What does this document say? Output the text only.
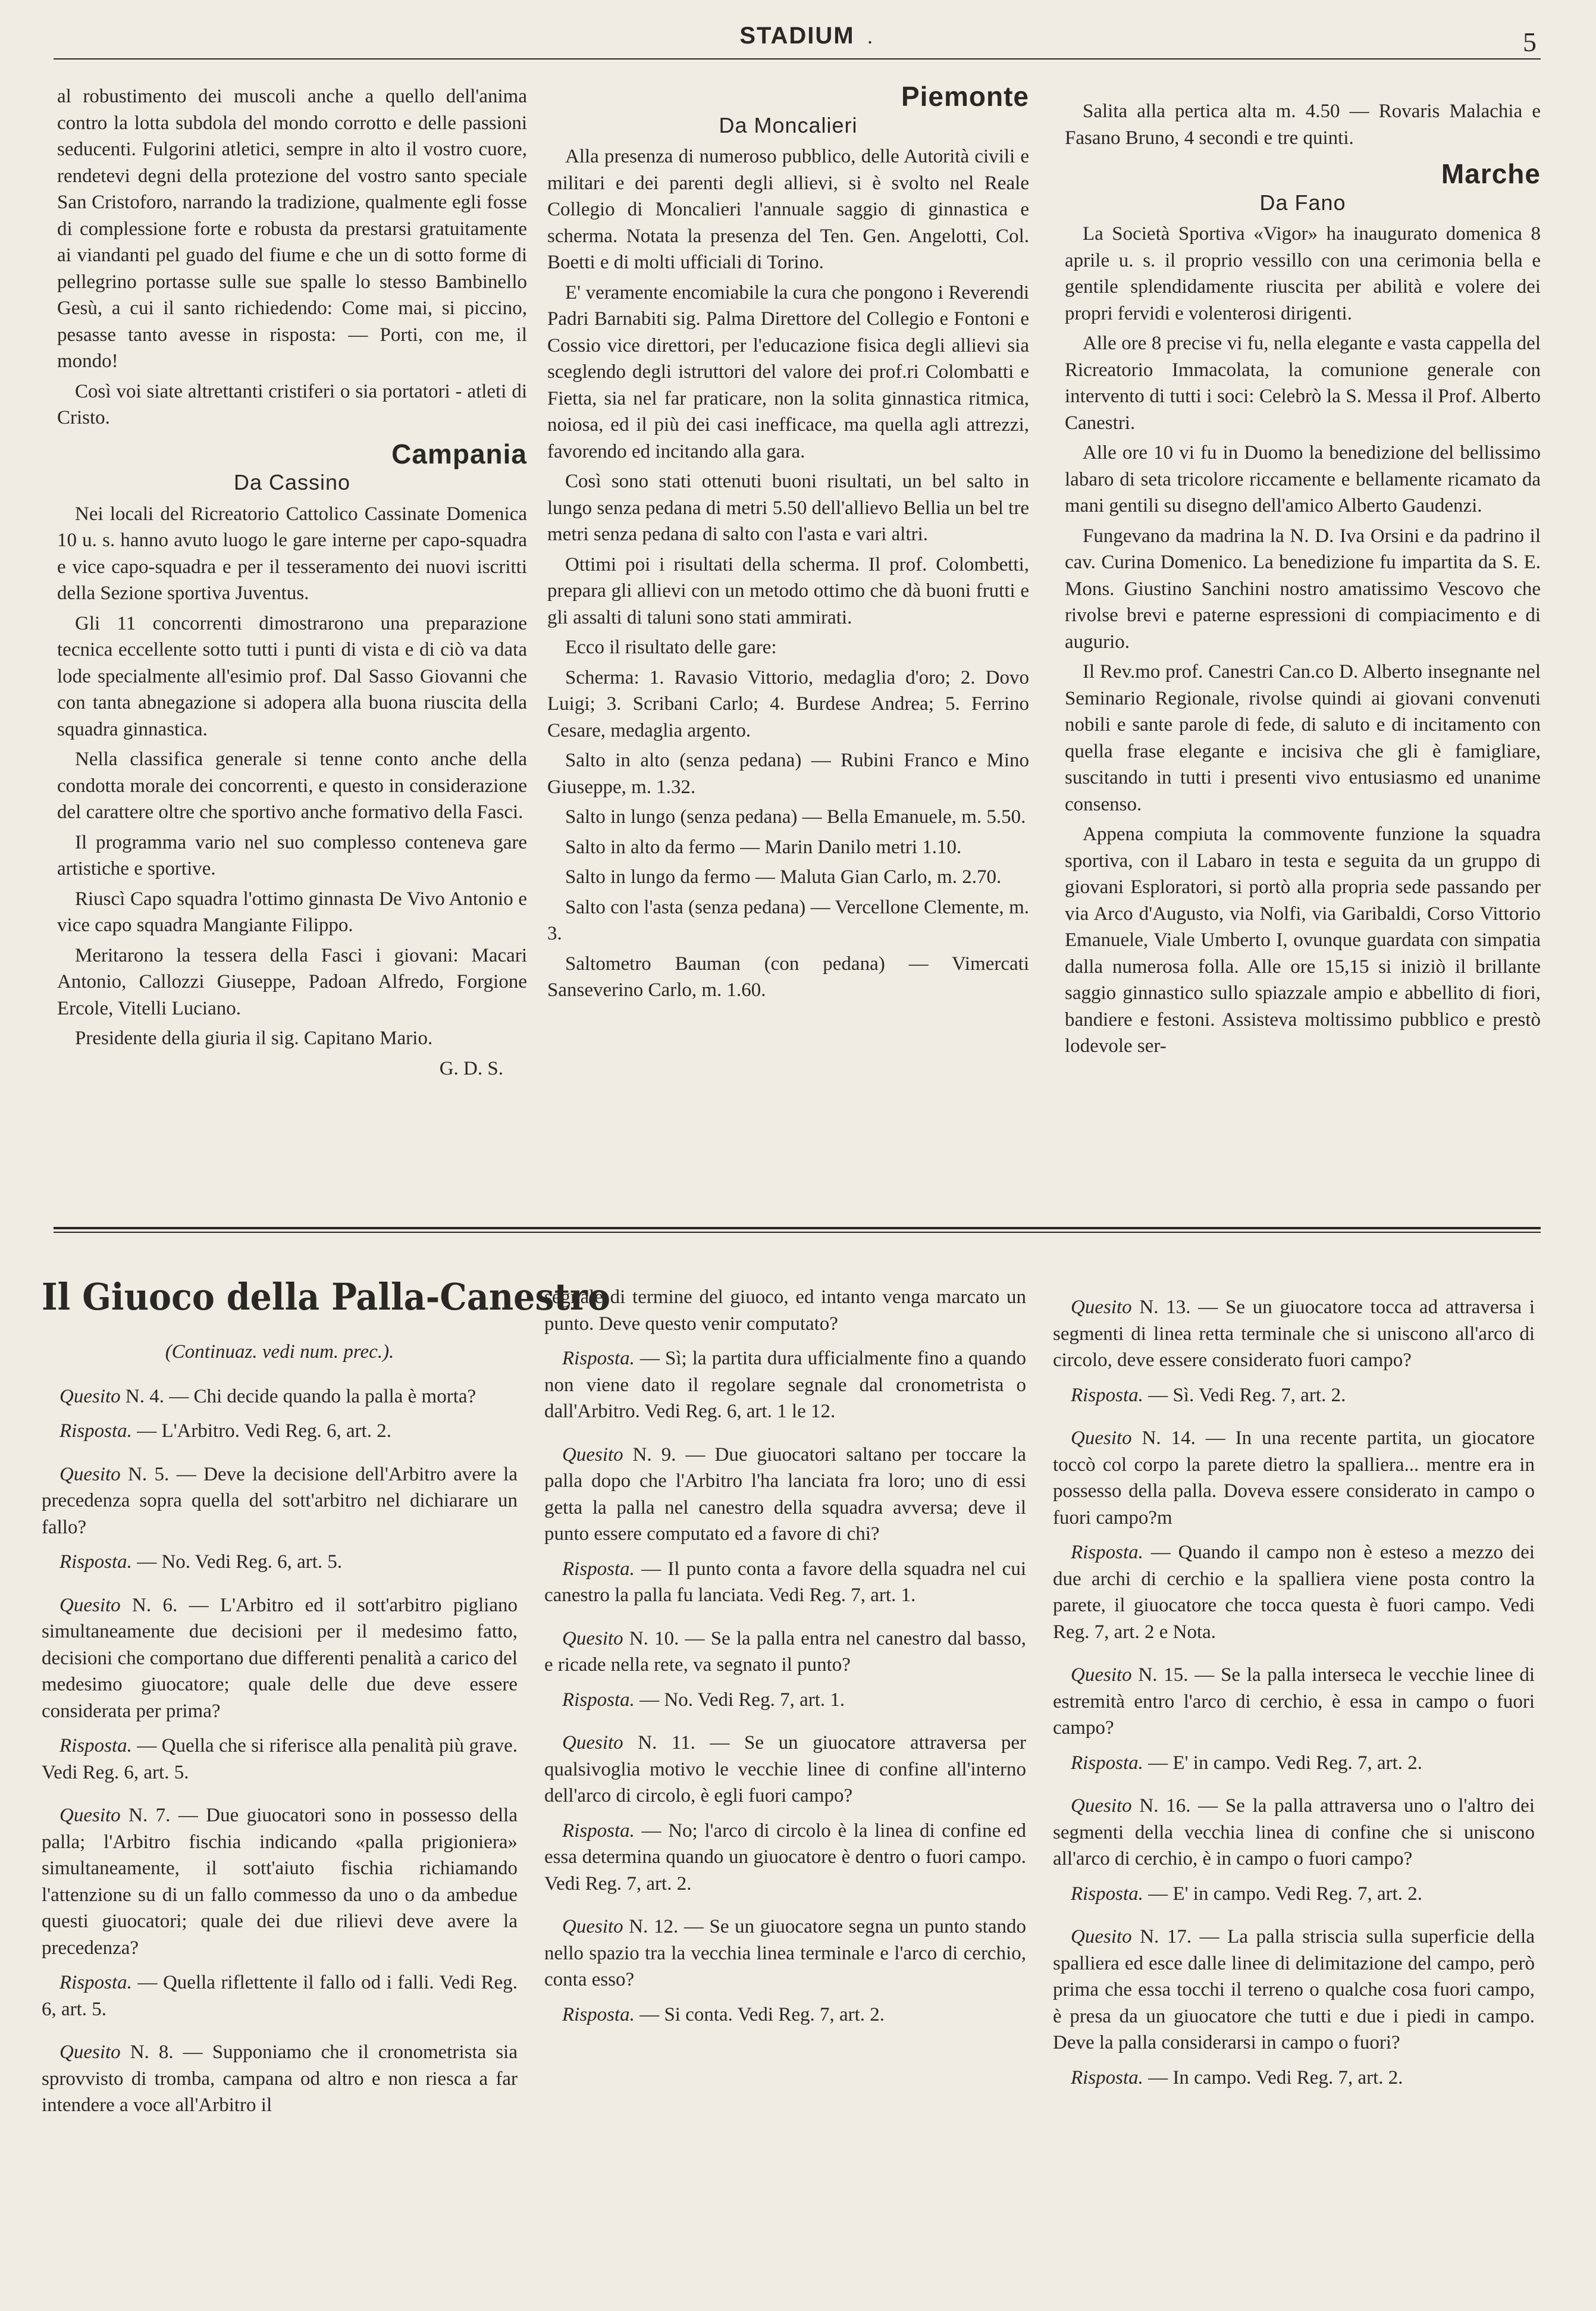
STADIUM .	5

al robustimento dei muscoli anche a quello dell'anima contro la lotta subdola del mondo corrotto e delle passioni seducenti. Fulgorini atletici, sempre in alto il vostro cuore, rendetevi degni della protezione del vostro santo speciale San Cristoforo, narrando la tradizione, qualmente egli fosse di complessione forte e robusta da prestarsi gratuitamente ai viandanti pel guado del fiume e che un di sotto forme di pellegrino portasse sulle sue spalle lo stesso Bambinello Gesù, a cui il santo richiedendo: Come mai, si piccino, pesasse tanto avesse in risposta: — Porti, con me, il mondo!

Così voi siate altrettanti cristiferi o sia portatori - atleti di Cristo.

Campania
Da Cassino

Nei locali del Ricreatorio Cattolico Cassinate Domenica 10 u. s. hanno avuto luogo le gare interne per capo-squadra e vice capo-squadra e per il tesseramento dei nuovi iscritti della Sezione sportiva Juventus.

Gli 11 concorrenti dimostrarono una preparazione tecnica eccellente sotto tutti i punti di vista e di ciò va data lode specialmente all'esimio prof. Dal Sasso Giovanni che con tanta abnegazione si adopera alla buona riuscita della squadra ginnastica.

Nella classifica generale si tenne conto anche della condotta morale dei concorrenti, e questo in considerazione del carattere oltre che sportivo anche formativo della Fasci.

Il programma vario nel suo complesso conteneva gare artistiche e sportive.

Riuscì Capo squadra l'ottimo ginnasta De Vivo Antonio e vice capo squadra Mangiante Filippo.

Meritarono la tessera della Fasci i giovani: Macari Antonio, Callozzi Giuseppe, Padoan Alfredo, Forgione Ercole, Vitelli Luciano.

Presidente della giuria il sig. Capitano Mario.

G. D. S.

Piemonte
Da Moncalieri

Alla presenza di numeroso pubblico, delle Autorità civili e militari e dei parenti degli allievi, si è svolto nel Reale Collegio di Moncalieri l'annuale saggio di ginnastica e scherma. Notata la presenza del Ten. Gen. Angelotti, Col. Boetti e di molti ufficiali di Torino.

E' veramente encomiabile la cura che pongono i Reverendi Padri Barnabiti sig. Palma Direttore del Collegio e Fontoni e Cossio vice direttori, per l'educazione fisica degli allievi sia sceglendo degli istruttori del valore dei prof.ri Colombatti e Fietta, sia nel far praticare, non la solita ginnastica ritmica, noiosa, ed il più dei casi inefficace, ma quella agli attrezzi, favorendo ed incitando alla gara.

Così sono stati ottenuti buoni risultati, un bel salto in lungo senza pedana di metri 5.50 dell'allievo Bellia un bel tre metri senza pedana di salto con l'asta e vari altri.

Ottimi poi i risultati della scherma. Il prof. Colombetti, prepara gli allievi con un metodo ottimo che dà buoni frutti e gli assalti di taluni sono stati ammirati.

Ecco il risultato delle gare:

Scherma: 1. Ravasio Vittorio, medaglia d'oro; 2. Dovo Luigi; 3. Scribani Carlo; 4. Burdese Andrea; 5. Ferrino Cesare, medaglia argento.

Salto in alto (senza pedana) — Rubini Franco e Mino Giuseppe, m. 1.32.

Salto in lungo (senza pedana) — Bella Emanuele, m. 5.50.

Salto in alto da fermo — Marin Danilo metri 1.10.

Salto in lungo da fermo — Maluta Gian Carlo, m. 2.70.

Salto con l'asta (senza pedana) — Vercellone Clemente, m. 3.

Saltometro Bauman (con pedana) — Vimercati Sanseverino Carlo, m. 1.60.

Salita alla pertica alta m. 4.50 — Rovaris Malachia e Fasano Bruno, 4 secondi e tre quinti.

Marche
Da Fano

La Società Sportiva «Vigor» ha inaugurato domenica 8 aprile u. s. il proprio vessillo con una cerimonia bella e gentile splendidamente riuscita per abilità e volere dei propri fervidi e volenterosi dirigenti.

Alle ore 8 precise vi fu, nella elegante e vasta cappella del Ricreatorio Immacolata, la comunione generale con intervento di tutti i soci: Celebrò la S. Messa il Prof. Alberto Canestri.

Alle ore 10 vi fu in Duomo la benedizione del bellissimo labaro di seta tricolore riccamente e bellamente ricamato da mani gentili su disegno dell'amico Alberto Gaudenzi.

Fungevano da madrina la N. D. Iva Orsini e da padrino il cav. Curina Domenico. La benedizione fu impartita da S. E. Mons. Giustino Sanchini nostro amatissimo Vescovo che rivolse brevi e paterne espressioni di compiacimento e di augurio.

Il Rev.mo prof. Canestri Can.co D. Alberto insegnante nel Seminario Regionale, rivolse quindi ai giovani convenuti nobili e sante parole di fede, di saluto e di incitamento con quella frase elegante e incisiva che gli è famigliare, suscitando in tutti i presenti vivo entusiasmo ed unanime consenso.

Appena compiuta la commovente funzione la squadra sportiva, con il Labaro in testa e seguita da un gruppo di giovani Esploratori, si portò alla propria sede passando per via Arco d'Augusto, via Nolfi, via Garibaldi, Corso Vittorio Emanuele, Viale Umberto I, ovunque guardata con simpatia dalla numerosa folla. Alle ore 15,15 si iniziò il brillante saggio ginnastico sullo spiazzale ampio e abbellito di fiori, bandiere e festoni. Assisteva moltissimo pubblico e prestò lodevole ser-

Il Giuoco della Palla-Canestro

(Continuaz. vedi num. prec.).

Quesito N. 4. — Chi decide quando la palla è morta?

Risposta. — L'Arbitro. Vedi Reg. 6, art. 2.

Quesito N. 5. — Deve la decisione dell'Arbitro avere la precedenza sopra quella del sott'arbitro nel dichiarare un fallo?

Risposta. — No. Vedi Reg. 6, art. 5.

Quesito N. 6. — L'Arbitro ed il sott'arbitro pigliano simultaneamente due decisioni per il medesimo fatto, decisioni che comportano due differenti penalità a carico del medesimo giuocatore; quale delle due deve essere considerata per prima?

Risposta. — Quella che si riferisce alla penalità più grave. Vedi Reg. 6, art. 5.

Quesito N. 7. — Due giuocatori sono in possesso della palla; l'Arbitro fischia indicando «palla prigioniera» simultaneamente, il sott'aiuto fischia richiamando l'attenzione su di un fallo commesso da uno o da ambedue questi giuocatori; quale dei due rilievi deve avere la precedenza?

Risposta. — Quella riflettente il fallo od i falli. Vedi Reg. 6, art. 5.

Quesito N. 8. — Supponiamo che il cronometrista sia sprovvisto di tromba, campana od altro e non riesca a far intendere a voce all'Arbitro il

segnale di termine del giuoco, ed intanto venga marcato un punto. Deve questo venir computato?

Risposta. — Sì; la partita dura ufficialmente fino a quando non viene dato il regolare segnale dal cronometrista o dall'Arbitro. Vedi Reg. 6, art. 1 le 12.

Quesito N. 9. — Due giuocatori saltano per toccare la palla dopo che l'Arbitro l'ha lanciata fra loro; uno di essi getta la palla nel canestro della squadra avversa; deve il punto essere computato ed a favore di chi?

Risposta. — Il punto conta a favore della squadra nel cui canestro la palla fu lanciata. Vedi Reg. 7, art. 1.

Quesito N. 10. — Se la palla entra nel canestro dal basso, e ricade nella rete, va segnato il punto?

Risposta. — No. Vedi Reg. 7, art. 1.

Quesito N. 11. — Se un giuocatore attraversa per qualsivoglia motivo le vecchie linee di confine all'interno dell'arco di circolo, è egli fuori campo?

Risposta. — No; l'arco di circolo è la linea di confine ed essa determina quando un giuocatore è dentro o fuori campo. Vedi Reg. 7, art. 2.

Quesito N. 12. — Se un giuocatore segna un punto stando nello spazio tra la vecchia linea terminale e l'arco di cerchio, conta esso?

Risposta. — Si conta. Vedi Reg. 7, art. 2.

Quesito N. 13. — Se un giuocatore tocca ad attraversa i segmenti di linea retta terminale che si uniscono all'arco di circolo, deve essere considerato fuori campo?

Risposta. — Sì. Vedi Reg. 7, art. 2.

Quesito N. 14. — In una recente partita, un giocatore toccò col corpo la parete dietro la spalliera... mentre era in possesso della palla. Doveva essere considerato in campo o fuori campo?m

Risposta. — Quando il campo non è esteso a mezzo dei due archi di cerchio e la spalliera viene posta contro la parete, il giuocatore che tocca questa è fuori campo. Vedi Reg. 7, art. 2 e Nota.

Quesito N. 15. — Se la palla interseca le vecchie linee di estremità entro l'arco di cerchio, è essa in campo o fuori campo?

Risposta. — E' in campo. Vedi Reg. 7, art. 2.

Quesito N. 16. — Se la palla attraversa uno o l'altro dei segmenti della vecchia linea di confine che si uniscono all'arco di cerchio, è in campo o fuori campo?

Risposta. — E' in campo. Vedi Reg. 7, art. 2.

Quesito N. 17. — La palla striscia sulla superficie della spalliera ed esce dalle linee di delimitazione del campo, però prima che essa tocchi il terreno o qualche cosa fuori campo, è presa da un giuocatore che tutti e due i piedi in campo. Deve la palla considerarsi in campo o fuori?

Risposta. — In campo. Vedi Reg. 7, art. 2.
